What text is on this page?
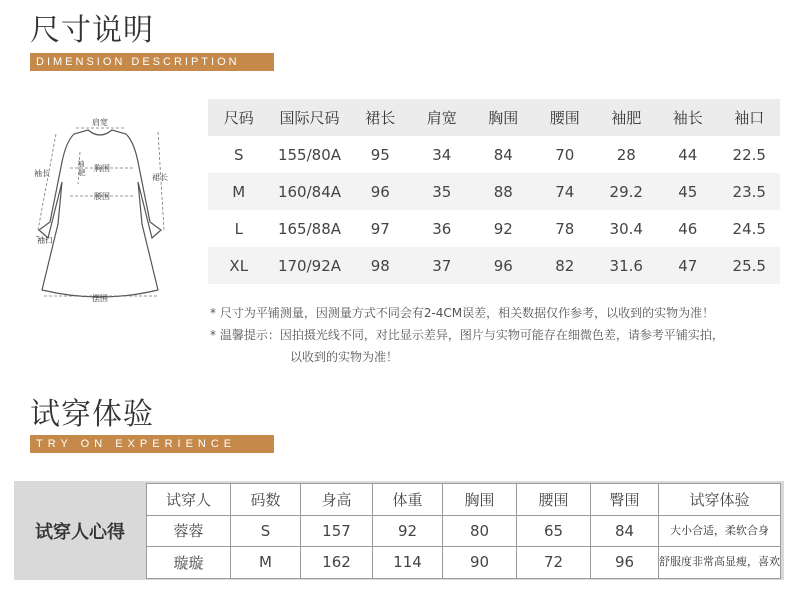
尺寸说明
DIMENSION DESCRIPTION
肩宽
胸围
腰围
摆围
袖长	裙长
袖口
袖 肥
尺码	国际尺码	裙长	肩宽	胸围	腰围	袖肥	袖长	袖口
S	155/80A	95	34	84	70	28	44	22.5
M	160/84A	96	35	88	74	29.2	45	23.5
L	165/88A	97	36	92	78	30.4	46	24.5
XL	170/92A	98	37	96	82	31.6	47	25.5
* 尺寸为平铺测量，因测量方式不同会有2-4CM误差，相关数据仅作参考，以收到的实物为准！
* 温馨提示：因拍摄光线不同，对比显示差异，图片与实物可能存在细微色差，请参考平铺实拍，
以收到的实物为准！
试穿体验
TRY ON EXPERIENCE
试穿人心得
试穿人	码数	身高	体重	胸围	腰围	臀围	试穿体验
蓉蓉	S	157	92	80	65	84	大小合适，柔软合身
璇璇	M	162	114	90	72	96	舒服度非常高显瘦，喜欢
